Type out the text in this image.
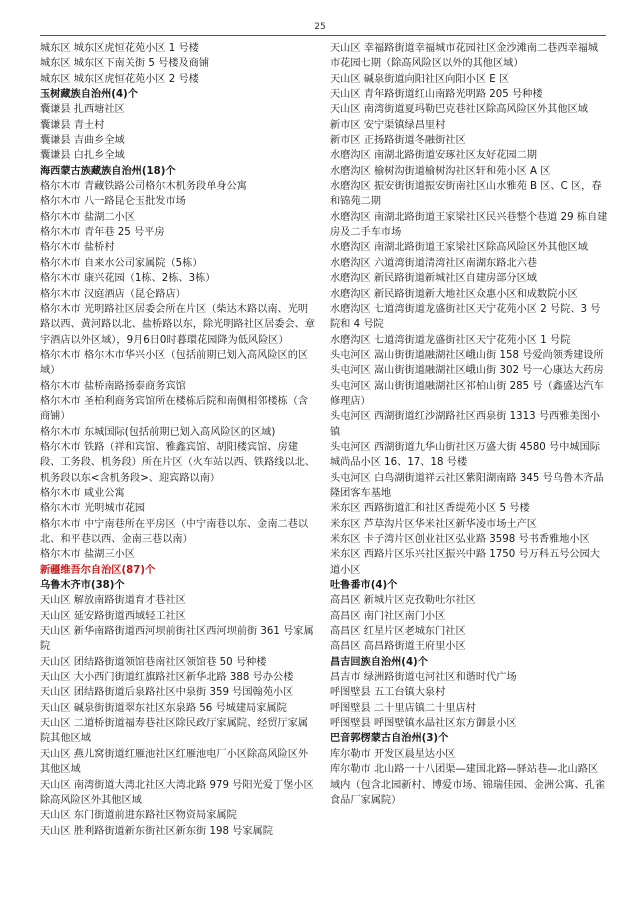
25
城东区 城东区虎恒花苑小区 1 号楼
城东区 城东区下南关街 5 号楼及商铺
城东区 城东区虎恒花苑小区 2 号楼
玉树藏族自治州(4)个
囊谦县 扎西塘社区
囊谦县 青土村
囊谦县 吉曲乡全域
囊谦县 白扎乡全域
海西蒙古族藏族自治州(18)个
格尔木市 青藏铁路公司格尔木机务段单身公寓
格尔木市 八一路昆仑玉批发市场
格尔木市 盐湖二小区
格尔木市 青年巷 25 号平房
格尔木市 盐桥村
格尔木市 自来水公司家属院（5栋）
格尔木市 康兴花园（1栋、2栋、3栋）
格尔木市 汉庭酒店（昆仑路店）
格尔木市 光明路社区居委会所在片区（柴达木路以南、光明路以西、黄河路以北、盐桥路以东，除光明路社区居委会、章宇酒店以外区域），9月6日0时暮環花园降为低风险区）
格尔木市 格尔木市华兴小区（包括前期已划入高风险区的区域）
格尔木市 盐桥南路扬泰商务宾馆
格尔木市 圣柏利商务宾馆所在楼栋后院和南侧相邻楼栋（含商铺）
格尔木市 东城国际(包括前期已划入高风险区的区域)
格尔木市 铁路（祥和宾馆、雅鑫宾馆、胡阳楼宾馆、房建段、工务段、机务段）所在片区（火车站以西、铁路线以北、机务段以东<含机务段>、迎宾路以南）
格尔木市 咸业公寓
格尔木市 光明城市花园
格尔木市 中宁南巷所在平房区（中宁南巷以东、金南二巷以北、和平巷以西、金南三巷以南）
格尔木市 盐湖三小区
新疆维吾尔自治区(87)个
乌鲁木齐市(38)个
天山区 解放南路街道育才巷社区
天山区 延安路街道西域轻工社区
天山区 新华南路街道西河坝前街社区西河坝前街 361 号家属院
天山区 团结路街道领馆巷南社区领馆巷 50 号种楼
天山区 大小西门街道红旗路社区新华北路 388 号办公楼
天山区 团结路街道后泉路社区中泉街 359 号国翰苑小区
天山区 碱泉街街道翠东社区东泉路 56 号城建局家属院
天山区 二道桥街道福寿巷社区除民政厅家属院、经贸厅家属院其他区域
天山区 燕儿窝街道红雁池社区红雁池电厂小区除高风险区外其他区域
天山区 南湾街道大湾北社区大湾北路 979 号阳光爱丁堡小区除高风险区外其他区域
天山区 东门街道前进东路社区物资局家属院
天山区 胜利路街道新东街社区新东街 198 号家属院
天山区 幸福路街道幸福城市花园社区金沙滩南二巷西幸福城市花园七期（除高风险区以外的其他区域）
天山区 碱泉街道向阳社区向阳小区 E 区
天山区 青年路街道红山南路光明路 205 号种楼
天山区 南湾街道夏玛勒巴克巷社区除高风险区外其他区域
新市区 安宁渠镇绿昌里村
新市区 正扬路街道冬融街社区
水磨沟区 南湖北路街道安琢社区友好花园二期
水磨沟区 榆树沟街道榆树沟社区轩和苑小区 A 区
水磨沟区 振安街街道振安街南社区山水雅苑 B 区、C 区，春和锦苑二期
水磨沟区 南湖北路街道王家梁社区民兴巷整个巷道 29 栋自建房及二手车市场
水磨沟区 南湖北路街道王家梁社区除高风险区外其他区域
水磨沟区 六道湾街道清湾社区南湖东路北六巷
水磨沟区 新民路街道新城社区自建房部分区域
水磨沟区 新民路街道新大地社区众惠小区和成数院小区
水磨沟区 七道湾街道龙盛街社区天宁花苑小区 2 号院、3 号院和 4 号院
水磨沟区 七道湾街道龙盛街社区天宁花苑小区 1 号院
头屯河区 嵩山街街道融湖社区峨山街 158 号爱尚领秀建设所
头屯河区 嵩山街街道融湖社区峨山街 302 号一心康达大药房
头屯河区 嵩山街街道融湖社区祁柏山街 285 号（鑫盛达汽车修理店）
头屯河区 西湖街道红沙湖路社区西泉街 1313 号西雅美图小镇
头屯河区 西湖街道九华山街社区万盛大街 4580 号中城国际城尚品小区 16、17、18 号楼
头屯河区 白鸟湖街道祥云社区紫阳湖南路 345 号乌鲁木齐晶隆团客车基地
米东区 西路街道汇和社区香缇苑小区 5 号楼
米东区 芦草沟片区华米社区新华凌市场土产区
米东区 卡子湾片区创业社区弘业路 3598 号书香雅地小区
米东区 西路片区乐兴社区振兴中路 1750 号万科五号公园大道小区
吐鲁番市(4)个
高昌区 新城片区克孜勒吐尔社区
高昌区 南门社区南门小区
高昌区 红星片区老城东门社区
高昌区 高昌路街道王府里小区
昌吉回族自治州(4)个
昌吉市 绿洲路街道屯河社区和谐时代广场
呼图壁县 五工台镇大泉村
呼图壁县 二十里店镇二十里店村
呼图壁县 呼图壁镇水晶社区东方御景小区
巴音郭楞蒙古自治州(3)个
库尔勒市 开发区晨星达小区
库尔勒市 北山路一十八团渠—建国北路—驿站巷—北山路区域内（包含北园新村、博爱市场、锦瑞佳园、金洲公寓、孔雀食品厂家属院）
